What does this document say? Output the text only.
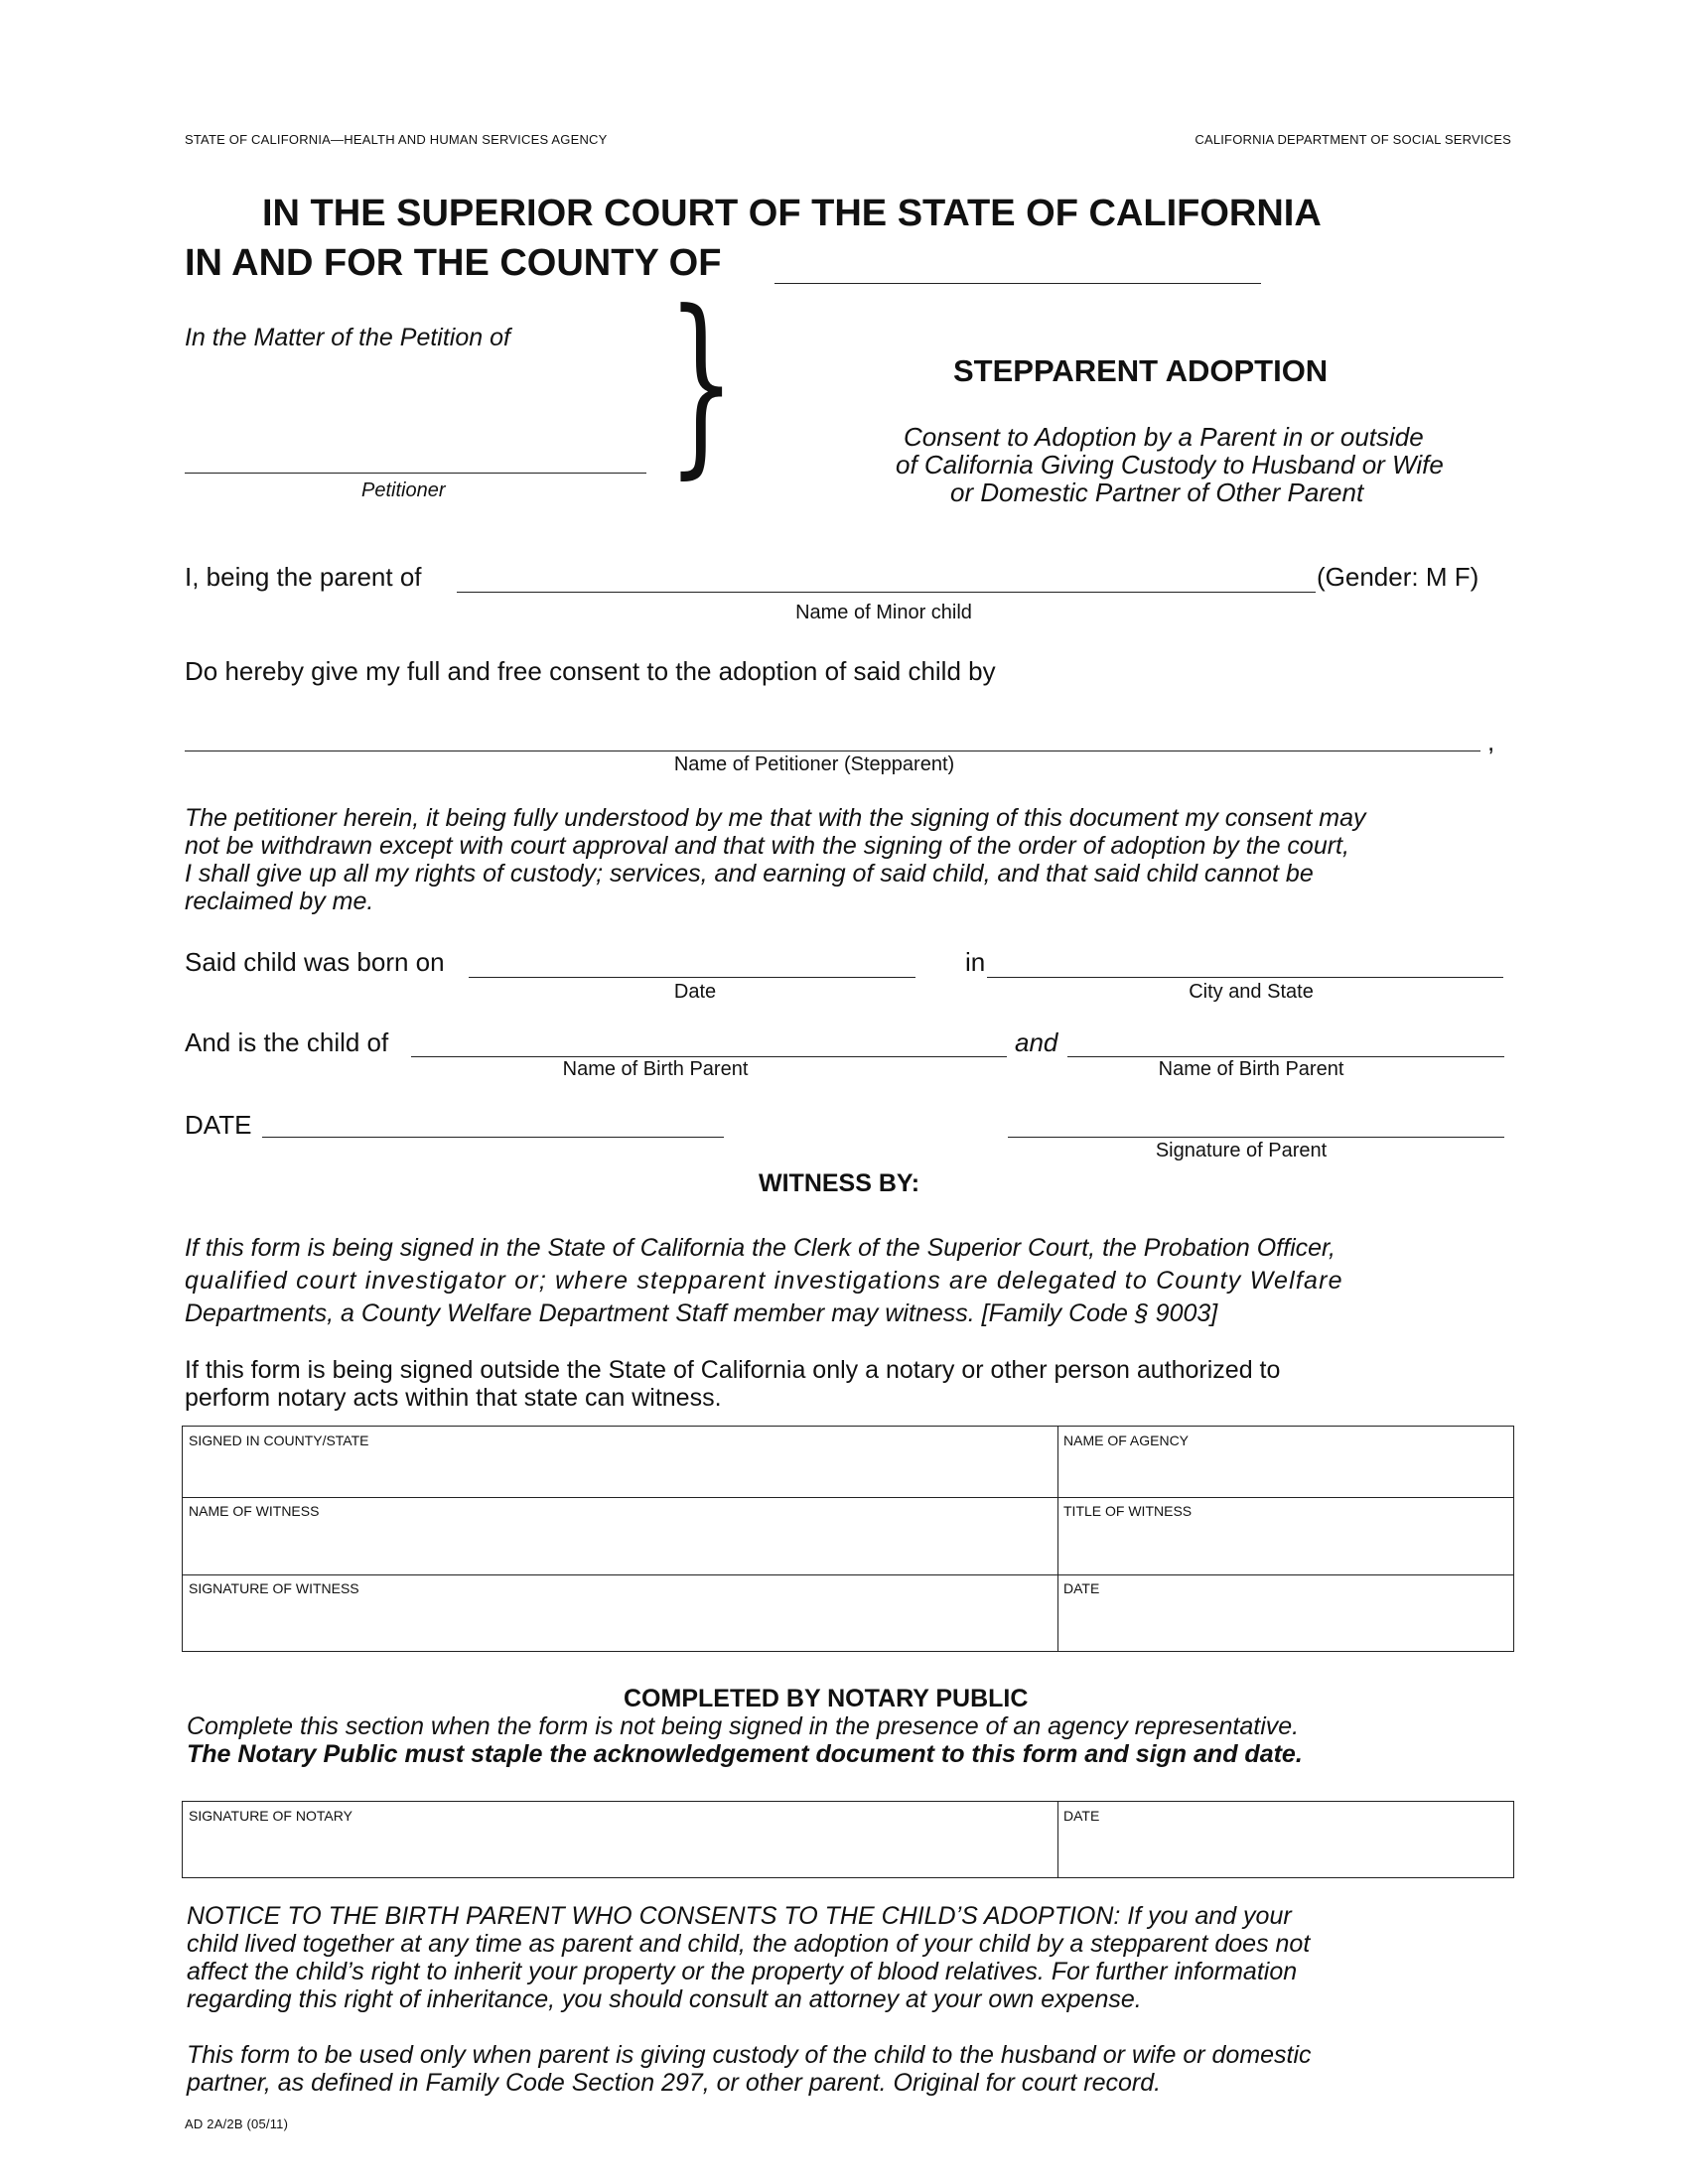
STATE OF CALIFORNIA—HEALTH AND HUMAN SERVICES AGENCY	CALIFORNIA DEPARTMENT OF SOCIAL SERVICES
IN THE SUPERIOR COURT OF THE STATE OF CALIFORNIA
IN AND FOR THE COUNTY OF
In the Matter of the Petition of
Petitioner }	STEPPARENT ADOPTION
Consent to Adoption by a Parent in or outside
of California Giving Custody to Husband or Wife
or Domestic Partner of Other Parent
I, being the parent of	(Gender: M F)
Name of Minor child
Do hereby give my full and free consent to the adoption of said child by
,
Name of Petitioner (Stepparent)
The petitioner herein, it being fully understood by me that with the signing of this document my consent may
not be withdrawn except with court approval and that with the signing of the order of adoption by the court,
I shall give up all my rights of custody; services, and earning of said child, and that said child cannot be
reclaimed by me.
Said child was born on	in
Date	City and State
And is the child of	and
Name of Birth Parent	Name of Birth Parent
DATE
Signature of Parent
WITNESS BY:
If this form is being signed in the State of California the Clerk of the Superior Court, the Probation Officer,
qualified court investigator or; where stepparent investigations are delegated to County Welfare
Departments, a County Welfare Department Staff member may witness. [Family Code § 9003]
If this form is being signed outside the State of California only a notary or other person authorized to
perform notary acts within that state can witness.
SIGNED IN COUNTY/STATE	NAME OF AGENCY
NAME OF WITNESS	TITLE OF WITNESS
SIGNATURE OF WITNESS	DATE
COMPLETED BY NOTARY PUBLIC
Complete this section when the form is not being signed in the presence of an agency representative.
The Notary Public must staple the acknowledgement document to this form and sign and date.
SIGNATURE OF NOTARY	DATE
NOTICE TO THE BIRTH PARENT WHO CONSENTS TO THE CHILD’S ADOPTION: If you and your
child lived together at any time as parent and child, the adoption of your child by a stepparent does not
affect the child’s right to inherit your property or the property of blood relatives. For further information
regarding this right of inheritance, you should consult an attorney at your own expense.
This form to be used only when parent is giving custody of the child to the husband or wife or domestic
partner, as defined in Family Code Section 297, or other parent. Original for court record.
AD 2A/2B (05/11)
